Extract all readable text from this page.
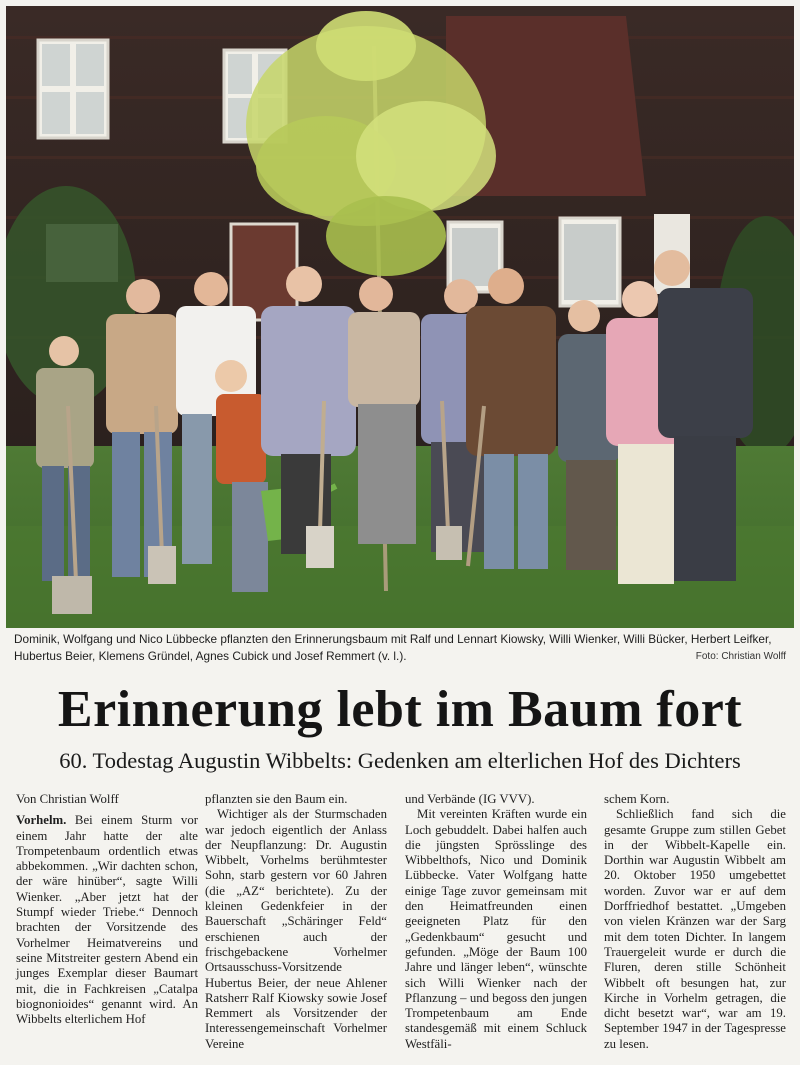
Dominik, Wolfgang und Nico Lübbecke pflanzten den Erinnerungsbaum mit Ralf und Lennart Kiowsky, Willi Wienker, Willi Bücker, Herbert Leifker, Hubertus Beier, Klemens Gründel, Agnes Cubick und Josef Remmert (v. l.).	Foto: Christian Wolff
Erinnerung lebt im Baum fort
60. Todestag Augustin Wibbelts: Gedenken am elterlichen Hof des Dichters

Von Christian Wolff

Vorhelm. Bei einem Sturm vor einem Jahr hatte der alte Trompetenbaum ordentlich etwas abbekommen. „Wir dachten schon, der wäre hinüber“, sagte Willi Wienker. „Aber jetzt hat der Stumpf wieder Triebe.“ Dennoch brachten der Vorsitzende des Vorhelmer Heimatvereins und seine Mitstreiter gestern Abend ein junges Exemplar dieser Baumart mit, die in Fachkreisen „Catalpa biognonioides“ genannt wird. An Wibbelts elterlichem Hof

pflanzten sie den Baum ein.

Wichtiger als der Sturmschaden war jedoch eigentlich der Anlass der Neupflanzung: Dr. Augustin Wibbelt, Vorhelms berühmtester Sohn, starb gestern vor 60 Jahren (die „AZ“ berichtete). Zu der kleinen Gedenkfeier in der Bauerschaft „Schäringer Feld“ erschienen auch der frischgebackene Vorhelmer Ortsausschuss-Vorsitzende Hubertus Beier, der neue Ahlener Ratsherr Ralf Kiowsky sowie Josef Remmert als Vorsitzender der Interessengemeinschaft Vorhelmer Vereine

und Verbände (IG VVV).

Mit vereinten Kräften wurde ein Loch gebuddelt. Dabei halfen auch die jüngsten Sprösslinge des Wibbelthofs, Nico und Dominik Lübbecke. Vater Wolfgang hatte einige Tage zuvor gemeinsam mit den Heimatfreunden einen geeigneten Platz für den „Gedenkbaum“ gesucht und gefunden. „Möge der Baum 100 Jahre und länger leben“, wünschte sich Willi Wienker nach der Pflanzung – und begoss den jungen Trompetenbaum am Ende standesgemäß mit einem Schluck Westfäli-

schem Korn.

Schließlich fand sich die gesamte Gruppe zum stillen Gebet in der Wibbelt-Kapelle ein. Dorthin war Augustin Wibbelt am 20. Oktober 1950 umgebettet worden. Zuvor war er auf dem Dorffriedhof bestattet. „Umgeben von vielen Kränzen war der Sarg mit dem toten Dichter. In langem Trauergeleit wurde er durch die Fluren, deren stille Schönheit Wibbelt oft besungen hat, zur Kirche in Vorhelm getragen, die dicht besetzt war“, war am 19. September 1947 in der Tagespresse zu lesen.
